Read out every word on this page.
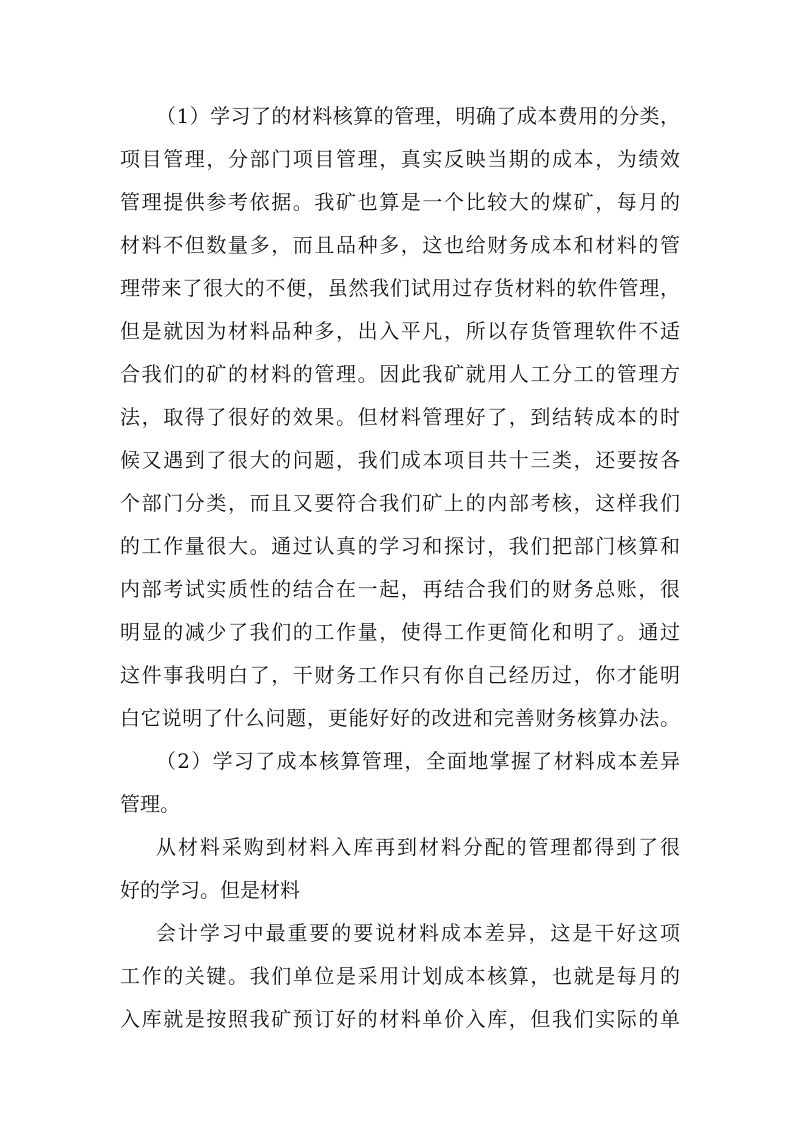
（1）学习了的材料核算的管理，明确了成本费用的分类，
项目管理，分部门项目管理，真实反映当期的成本，为绩效
管理提供参考依据。我矿也算是一个比较大的煤矿，每月的
材料不但数量多，而且品种多，这也给财务成本和材料的管
理带来了很大的不便，虽然我们试用过存货材料的软件管理，
但是就因为材料品种多，出入平凡，所以存货管理软件不适
合我们的矿的材料的管理。因此我矿就用人工分工的管理方
法，取得了很好的效果。但材料管理好了，到结转成本的时
候又遇到了很大的问题，我们成本项目共十三类，还要按各
个部门分类，而且又要符合我们矿上的内部考核，这样我们
的工作量很大。通过认真的学习和探讨，我们把部门核算和
内部考试实质性的结合在一起，再结合我们的财务总账，很
明显的减少了我们的工作量，使得工作更简化和明了。通过
这件事我明白了，干财务工作只有你自己经历过，你才能明
白它说明了什么问题，更能好好的改进和完善财务核算办法。
（2）学习了成本核算管理，全面地掌握了材料成本差异
管理。
从材料采购到材料入库再到材料分配的管理都得到了很
好的学习。但是材料
会计学习中最重要的要说材料成本差异，这是干好这项
工作的关键。我们单位是采用计划成本核算，也就是每月的
入库就是按照我矿预订好的材料单价入库，但我们实际的单
